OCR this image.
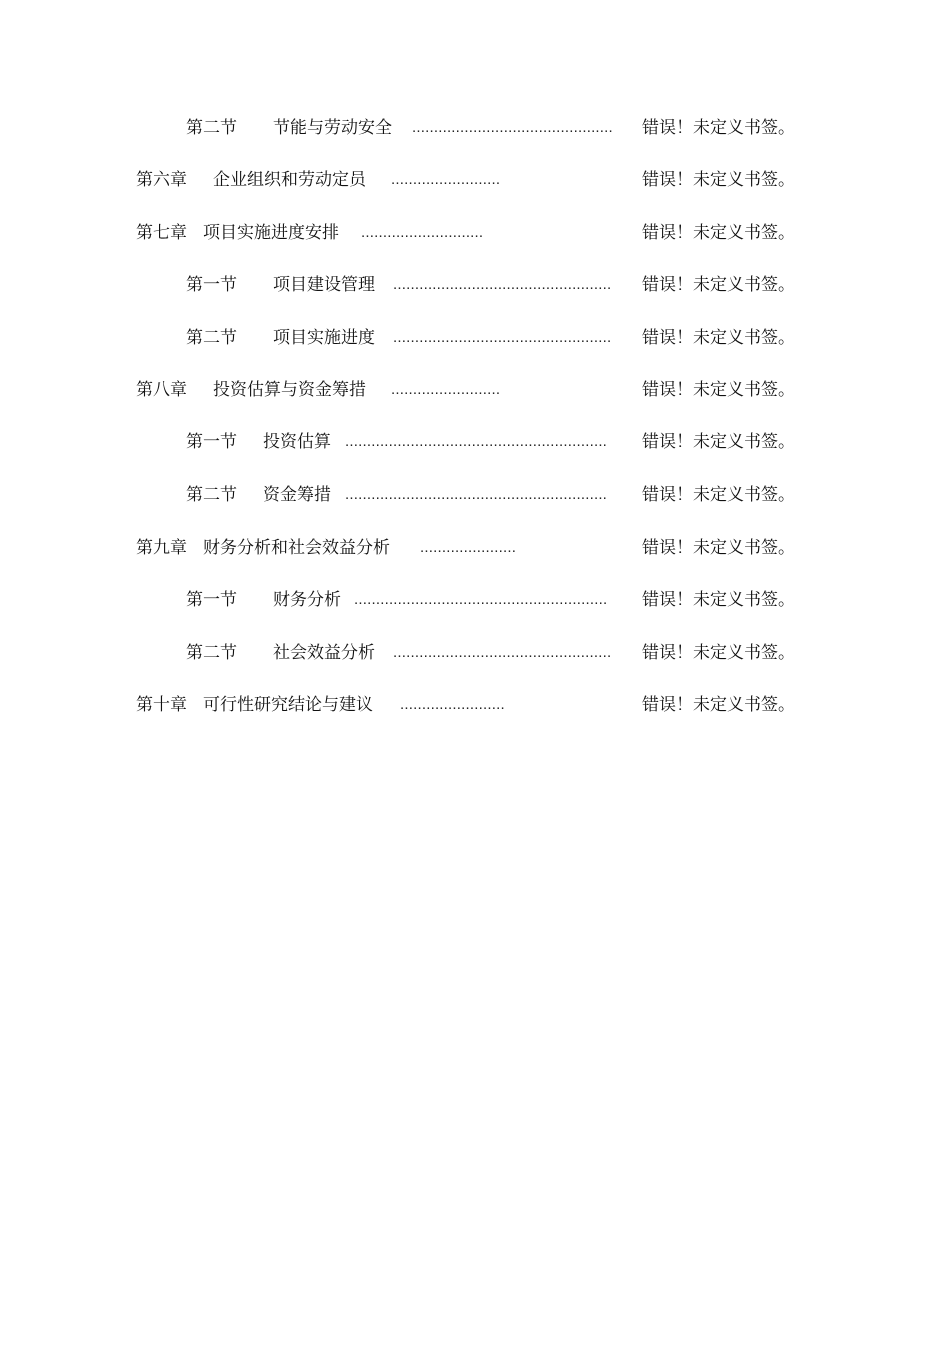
第二节 节能与劳动安全 ..............................................	错误！未定义书签。
第六章 企业组织和劳动定员 .........................	错误！未定义书签。
第七章 项目实施进度安排 ............................	错误！未定义书签。
第一节 项目建设管理 ..................................................	错误！未定义书签。
第二节 项目实施进度 ..................................................	错误！未定义书签。
第八章 投资估算与资金筹措 .........................	错误！未定义书签。
第一节 投资估算 ............................................................	错误！未定义书签。
第二节 资金筹措 ............................................................	错误！未定义书签。
第九章 财务分析和社会效益分析 ......................	错误！未定义书签。
第一节 财务分析 ..........................................................	错误！未定义书签。
第二节 社会效益分析 ..................................................	错误！未定义书签。
第十章 可行性研究结论与建议 ........................	错误！未定义书签。
